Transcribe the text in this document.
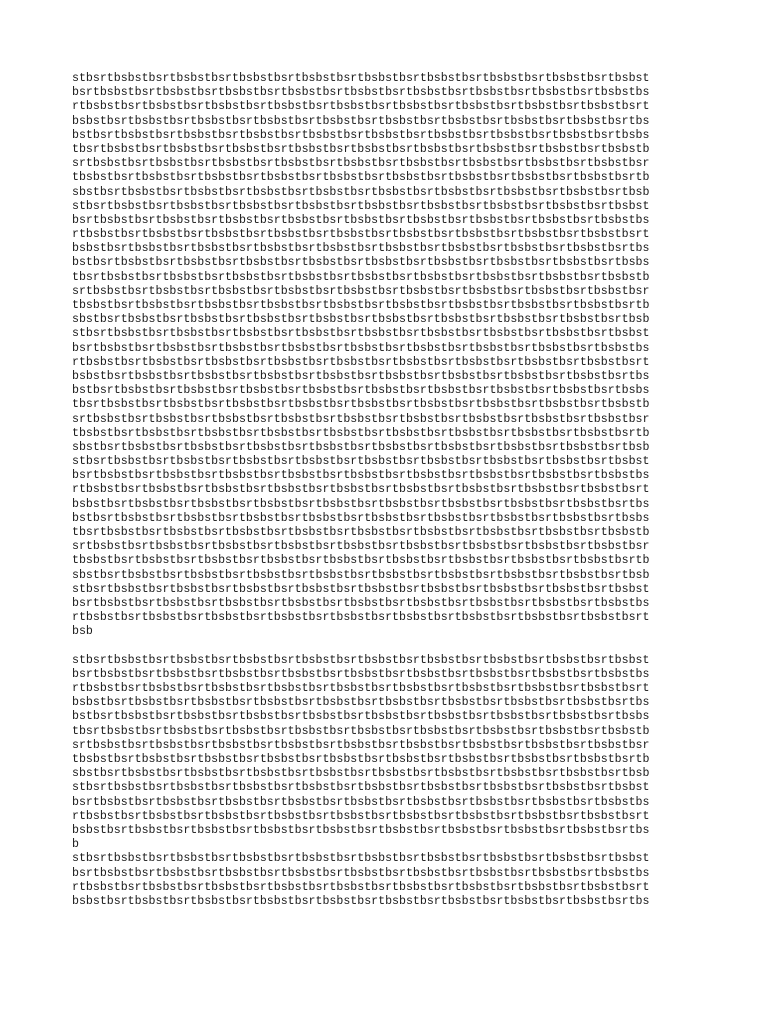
stbsrtbsbstbsrtbsbstbsrtbsbstbsrtbsbstbsrtbsbstbsrtbsbstbsrtbsbstbsrtbsbstbsrtbsbst
bsrtbsbstbsrtbsbstbsrtbsbstbsrtbsbstbsrtbsbstbsrtbsbstbsrtbsbstbsrtbsbstbsrtbsbstbs
rtbsbstbsrtbsbstbsrtbsbstbsrtbsbstbsrtbsbstbsrtbsbstbsrtbsbstbsrtbsbstbsrtbsbstbsrt
bsbstbsrtbsbstbsrtbsbstbsrtbsbstbsrtbsbstbsrtbsbstbsrtbsbstbsrtbsbstbsrtbsbstbsrtbs
bstbsrtbsbstbsrtbsbstbsrtbsbstbsrtbsbstbsrtbsbstbsrtbsbstbsrtbsbstbsrtbsbstbsrtbsbs
tbsrtbsbstbsrtbsbstbsrtbsbstbsrtbsbstbsrtbsbstbsrtbsbstbsrtbsbstbsrtbsbstbsrtbsbstb
srtbsbstbsrtbsbstbsrtbsbstbsrtbsbstbsrtbsbstbsrtbsbstbsrtbsbstbsrtbsbstbsrtbsbstbsr
tbsbstbsrtbsbstbsrtbsbstbsrtbsbstbsrtbsbstbsrtbsbstbsrtbsbstbsrtbsbstbsrtbsbstbsrtb
sbstbsrtbsbstbsrtbsbstbsrtbsbstbsrtbsbstbsrtbsbstbsrtbsbstbsrtbsbstbsrtbsbstbsrtbsb
stbsrtbsbstbsrtbsbstbsrtbsbstbsrtbsbstbsrtbsbstbsrtbsbstbsrtbsbstbsrtbsbstbsrtbsbst
bsrtbsbstbsrtbsbstbsrtbsbstbsrtbsbstbsrtbsbstbsrtbsbstbsrtbsbstbsrtbsbstbsrtbsbstbs
rtbsbstbsrtbsbstbsrtbsbstbsrtbsbstbsrtbsbstbsrtbsbstbsrtbsbstbsrtbsbstbsrtbsbstbsrt
bsbstbsrtbsbstbsrtbsbstbsrtbsbstbsrtbsbstbsrtbsbstbsrtbsbstbsrtbsbstbsrtbsbstbsrtbs
bstbsrtbsbstbsrtbsbstbsrtbsbstbsrtbsbstbsrtbsbstbsrtbsbstbsrtbsbstbsrtbsbstbsrtbsbs
tbsrtbsbstbsrtbsbstbsrtbsbstbsrtbsbstbsrtbsbstbsrtbsbstbsrtbsbstbsrtbsbstbsrtbsbstb
srtbsbstbsrtbsbstbsrtbsbstbsrtbsbstbsrtbsbstbsrtbsbstbsrtbsbstbsrtbsbstbsrtbsbstbsr
tbsbstbsrtbsbstbsrtbsbstbsrtbsbstbsrtbsbstbsrtbsbstbsrtbsbstbsrtbsbstbsrtbsbstbsrtb
sbstbsrtbsbstbsrtbsbstbsrtbsbstbsrtbsbstbsrtbsbstbsrtbsbstbsrtbsbstbsrtbsbstbsrtbsb
stbsrtbsbstbsrtbsbstbsrtbsbstbsrtbsbstbsrtbsbstbsrtbsbstbsrtbsbstbsrtbsbstbsrtbsbst
bsrtbsbstbsrtbsbstbsrtbsbstbsrtbsbstbsrtbsbstbsrtbsbstbsrtbsbstbsrtbsbstbsrtbsbstbs
rtbsbstbsrtbsbstbsrtbsbstbsrtbsbstbsrtbsbstbsrtbsbstbsrtbsbstbsrtbsbstbsrtbsbstbsrt
bsbstbsrtbsbstbsrtbsbstbsrtbsbstbsrtbsbstbsrtbsbstbsrtbsbstbsrtbsbstbsrtbsbstbsrtbs
bstbsrtbsbstbsrtbsbstbsrtbsbstbsrtbsbstbsrtbsbstbsrtbsbstbsrtbsbstbsrtbsbstbsrtbsbs
tbsrtbsbstbsrtbsbstbsrtbsbstbsrtbsbstbsrtbsbstbsrtbsbstbsrtbsbstbsrtbsbstbsrtbsbstb
srtbsbstbsrtbsbstbsrtbsbstbsrtbsbstbsrtbsbstbsrtbsbstbsrtbsbstbsrtbsbstbsrtbsbstbsr
tbsbstbsrtbsbstbsrtbsbstbsrtbsbstbsrtbsbstbsrtbsbstbsrtbsbstbsrtbsbstbsrtbsbstbsrtb
sbstbsrtbsbstbsrtbsbstbsrtbsbstbsrtbsbstbsrtbsbstbsrtbsbstbsrtbsbstbsrtbsbstbsrtbsb
stbsrtbsbstbsrtbsbstbsrtbsbstbsrtbsbstbsrtbsbstbsrtbsbstbsrtbsbstbsrtbsbstbsrtbsbst
bsrtbsbstbsrtbsbstbsrtbsbstbsrtbsbstbsrtbsbstbsrtbsbstbsrtbsbstbsrtbsbstbsrtbsbstbs
rtbsbstbsrtbsbstbsrtbsbstbsrtbsbstbsrtbsbstbsrtbsbstbsrtbsbstbsrtbsbstbsrtbsbstbsrt
bsbstbsrtbsbstbsrtbsbstbsrtbsbstbsrtbsbstbsrtbsbstbsrtbsbstbsrtbsbstbsrtbsbstbsrtbs
bstbsrtbsbstbsrtbsbstbsrtbsbstbsrtbsbstbsrtbsbstbsrtbsbstbsrtbsbstbsrtbsbstbsrtbsbs
tbsrtbsbstbsrtbsbstbsrtbsbstbsrtbsbstbsrtbsbstbsrtbsbstbsrtbsbstbsrtbsbstbsrtbsbstb
srtbsbstbsrtbsbstbsrtbsbstbsrtbsbstbsrtbsbstbsrtbsbstbsrtbsbstbsrtbsbstbsrtbsbstbsr
tbsbstbsrtbsbstbsrtbsbstbsrtbsbstbsrtbsbstbsrtbsbstbsrtbsbstbsrtbsbstbsrtbsbstbsrtb
sbstbsrtbsbstbsrtbsbstbsrtbsbstbsrtbsbstbsrtbsbstbsrtbsbstbsrtbsbstbsrtbsbstbsrtbsb
stbsrtbsbstbsrtbsbstbsrtbsbstbsrtbsbstbsrtbsbstbsrtbsbstbsrtbsbstbsrtbsbstbsrtbsbst
bsrtbsbstbsrtbsbstbsrtbsbstbsrtbsbstbsrtbsbstbsrtbsbstbsrtbsbstbsrtbsbstbsrtbsbstbs
rtbsbstbsrtbsbstbsrtbsbstbsrtbsbstbsrtbsbstbsrtbsbstbsrtbsbstbsrtbsbstbsrtbsbstbsrt
bsb
stbsrtbsbstbsrtbsbstbsrtbsbstbsrtbsbstbsrtbsbstbsrtbsbstbsrtbsbstbsrtbsbstbsrtbsbst
bsrtbsbstbsrtbsbstbsrtbsbstbsrtbsbstbsrtbsbstbsrtbsbstbsrtbsbstbsrtbsbstbsrtbsbstbs
rtbsbstbsrtbsbstbsrtbsbstbsrtbsbstbsrtbsbstbsrtbsbstbsrtbsbstbsrtbsbstbsrtbsbstbsrt
bsbstbsrtbsbstbsrtbsbstbsrtbsbstbsrtbsbstbsrtbsbstbsrtbsbstbsrtbsbstbsrtbsbstbsrtbs
bstbsrtbsbstbsrtbsbstbsrtbsbstbsrtbsbstbsrtbsbstbsrtbsbstbsrtbsbstbsrtbsbstbsrtbsbs
tbsrtbsbstbsrtbsbstbsrtbsbstbsrtbsbstbsrtbsbstbsrtbsbstbsrtbsbstbsrtbsbstbsrtbsbstb
srtbsbstbsrtbsbstbsrtbsbstbsrtbsbstbsrtbsbstbsrtbsbstbsrtbsbstbsrtbsbstbsrtbsbstbsr
tbsbstbsrtbsbstbsrtbsbstbsrtbsbstbsrtbsbstbsrtbsbstbsrtbsbstbsrtbsbstbsrtbsbstbsrtb
sbstbsrtbsbstbsrtbsbstbsrtbsbstbsrtbsbstbsrtbsbstbsrtbsbstbsrtbsbstbsrtbsbstbsrtbsb
stbsrtbsbstbsrtbsbstbsrtbsbstbsrtbsbstbsrtbsbstbsrtbsbstbsrtbsbstbsrtbsbstbsrtbsbst
bsrtbsbstbsrtbsbstbsrtbsbstbsrtbsbstbsrtbsbstbsrtbsbstbsrtbsbstbsrtbsbstbsrtbsbstbs
rtbsbstbsrtbsbstbsrtbsbstbsrtbsbstbsrtbsbstbsrtbsbstbsrtbsbstbsrtbsbstbsrtbsbstbsrt
bsbstbsrtbsbstbsrtbsbstbsrtbsbstbsrtbsbstbsrtbsbstbsrtbsbstbsrtbsbstbsrtbsbstbsrtbs
b
stbsrtbsbstbsrtbsbstbsrtbsbstbsrtbsbstbsrtbsbstbsrtbsbstbsrtbsbstbsrtbsbstbsrtbsbst
bsrtbsbstbsrtbsbstbsrtbsbstbsrtbsbstbsrtbsbstbsrtbsbstbsrtbsbstbsrtbsbstbsrtbsbstbs
rtbsbstbsrtbsbstbsrtbsbstbsrtbsbstbsrtbsbstbsrtbsbstbsrtbsbstbsrtbsbstbsrtbsbstbsrt
bsbstbsrtbsbstbsrtbsbstbsrtbsbstbsrtbsbstbsrtbsbstbsrtbsbstbsrtbsbstbsrtbsbstbsrtbs
